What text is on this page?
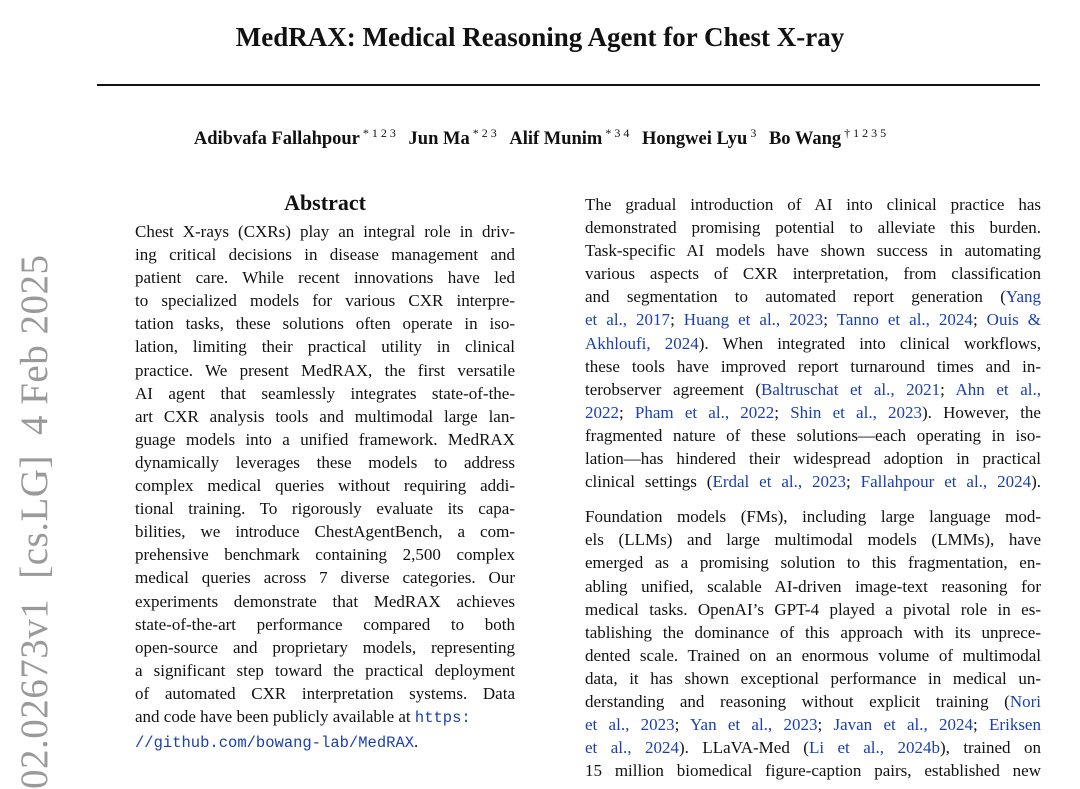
MedRAX: Medical Reasoning Agent for Chest X-ray
Adibvafa Fallahpour $^{* 1 2 3}$ Jun Ma $^{* 2 3}$ Alif Munim $^{* 3 4}$ Hongwei Lyu $^3$ Bo Wang $^{\dagger 1 2 3 5}$
02.02673v1[cs.LG]4 Feb 2025
Abstract

Chest X-rays (CXRs) play an integral role in driv-
ing critical decisions in disease management and
patient care. While recent innovations have led
to specialized models for various CXR interpre-
tation tasks, these solutions often operate in iso-
lation, limiting their practical utility in clinical
practice. We present MedRAX, the first versatile
AI agent that seamlessly integrates state-of-the-
art CXR analysis tools and multimodal large lan-
guage models into a unified framework. MedRAX
dynamically leverages these models to address
complex medical queries without requiring addi-
tional training. To rigorously evaluate its capa-
bilities, we introduce ChestAgentBench, a com-
prehensive benchmark containing 2,500 complex
medical queries across 7 diverse categories. Our
experiments demonstrate that MedRAX achieves
state-of-the-art performance compared to both
open-source and proprietary models, representing
a significant step toward the practical deployment
of automated CXR interpretation systems. Data
and code have been publicly available at https:
//github.com/bowang-lab/MedRAX.

The gradual introduction of AI into clinical practice has
demonstrated promising potential to alleviate this burden.
Task-specific AI models have shown success in automating
various aspects of CXR interpretation, from classification
and segmentation to automated report generation (Yang
et al., 2017; Huang et al., 2023; Tanno et al., 2024; Ouis &
Akhloufi, 2024). When integrated into clinical workflows,
these tools have improved report turnaround times and in-
terobserver agreement (Baltruschat et al., 2021; Ahn et al.,
2022; Pham et al., 2022; Shin et al., 2023). However, the
fragmented nature of these solutions—each operating in iso-
lation—has hindered their widespread adoption in practical
clinical settings (Erdal et al., 2023; Fallahpour et al., 2024).

Foundation models (FMs), including large language mod-
els (LLMs) and large multimodal models (LMMs), have
emerged as a promising solution to this fragmentation, en-
abling unified, scalable AI-driven image-text reasoning for
medical tasks. OpenAI’s GPT-4 played a pivotal role in es-
tablishing the dominance of this approach with its unprece-
dented scale. Trained on an enormous volume of multimodal
data, it has shown exceptional performance in medical un-
derstanding and reasoning without explicit training (Nori
et al., 2023; Yan et al., 2023; Javan et al., 2024; Eriksen
et al., 2024). LLaVA-Med (Li et al., 2024b), trained on
15 million biomedical figure-caption pairs, established new
